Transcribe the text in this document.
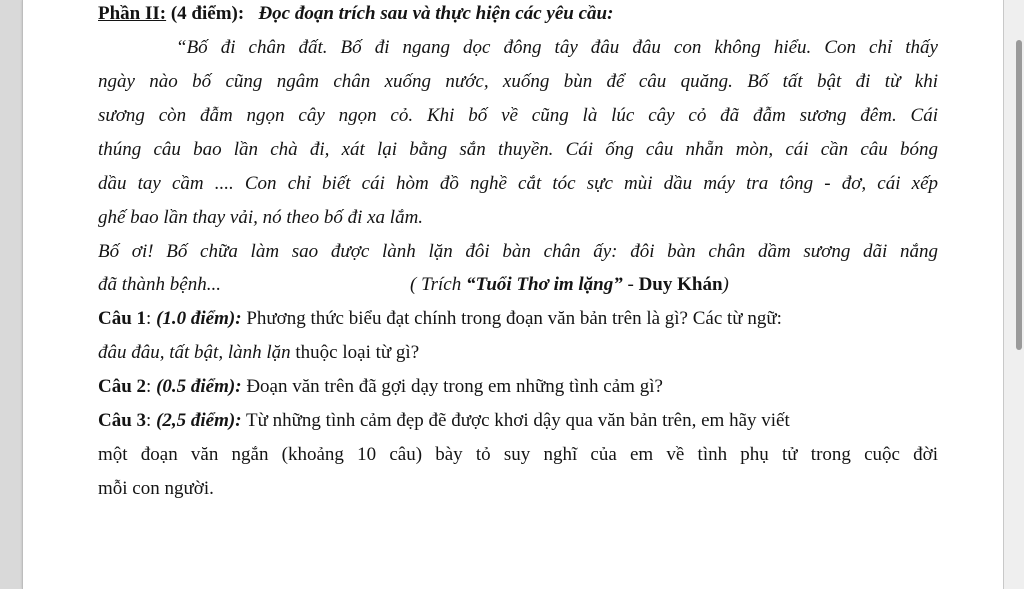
Phần II: (4 điểm): Đọc đoạn trích sau và thực hiện các yêu cầu:
“Bố đi chân đất. Bố đi ngang dọc đông tây đâu đâu con không hiểu. Con chỉ thấy
ngày nào bố cũng ngâm chân xuống nước, xuống bùn để câu quăng. Bố tất bật đi từ khi
sương còn đẫm ngọn cây ngọn cỏ. Khi bố về cũng là lúc cây cỏ đã đẫm sương đêm. Cái
thúng câu bao lần chà đi, xát lại bằng sắn thuyền. Cái ống câu nhẵn mòn, cái cần câu bóng
dầu tay cầm .... Con chỉ biết cái hòm đồ nghề cắt tóc sực mùi dầu máy tra tông - đơ, cái xếp
ghế bao lần thay vải, nó theo bố đi xa lắm.
Bố ơi! Bố chữa làm sao được lành lặn đôi bàn chân ấy: đôi bàn chân dầm sương dãi nắng
đã thành bệnh...	( Trích “Tuổi Thơ im lặng” - Duy Khán)
Câu 1: (1.0 điểm): Phương thức biểu đạt chính trong đoạn văn bản trên là gì? Các từ ngữ:
đâu đâu, tất bật, lành lặn thuộc loại từ gì?
Câu 2: (0.5 điểm): Đoạn văn trên đã gợi dạy trong em những tình cảm gì?
Câu 3: (2,5 điểm): Từ những tình cảm đẹp đẽ được khơi dậy qua văn bản trên, em hãy viết
một đoạn văn ngắn (khoảng 10 câu) bày tỏ suy nghĩ của em về tình phụ tử trong cuộc đời
mỗi con người.
